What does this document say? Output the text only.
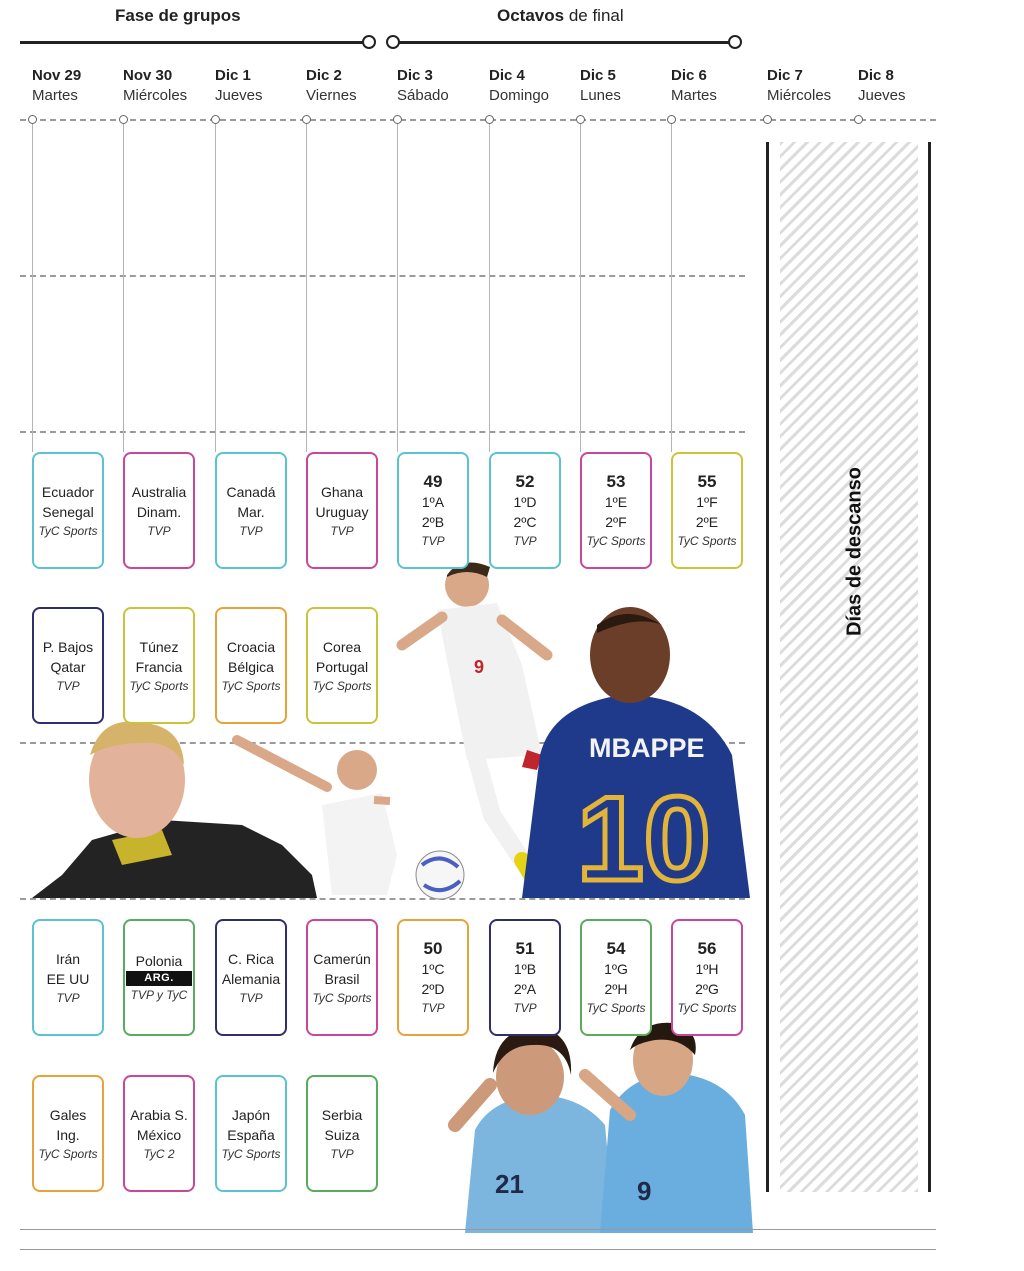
Fase de grupos	Octavos de final
Nov 29
Martes
Nov 30
Miércoles
Dic 1
Jueves
Dic 2
Viernes
Dic 3
Sábado
Dic 4
Domingo
Dic 5
Lunes
Dic 6
Martes
Dic 7
Miércoles
Dic 8
Jueves
Días de descanso
9
MBAPPE
10
21	9
Ecuador
Senegal
TyC Sports
Australia
Dinam.
TVP
Canadá
Mar.
TVP
Ghana
Uruguay
TVP
49
1ºA
2ºB
TVP
52
1ºD
2ºC
TVP
53
1ºE
2ºF
TyC Sports
55
1ºF
2ºE
TyC Sports
P. Bajos
Qatar
TVP
Túnez
Francia
TyC Sports
Croacia
Bélgica
TyC Sports
Corea
Portugal
TyC Sports
Irán
EE UU
TVP
Polonia
ARG.
TVP y TyC
C. Rica
Alemania
TVP
Camerún
Brasil
TyC Sports
50
1ºC
2ºD
TVP
51
1ºB
2ºA
TVP
54
1ºG
2ºH
TyC Sports
56
1ºH
2ºG
TyC Sports
Gales
Ing.
TyC Sports
Arabia S.
México
TyC 2
Japón
España
TyC Sports
Serbia
Suiza
TVP
